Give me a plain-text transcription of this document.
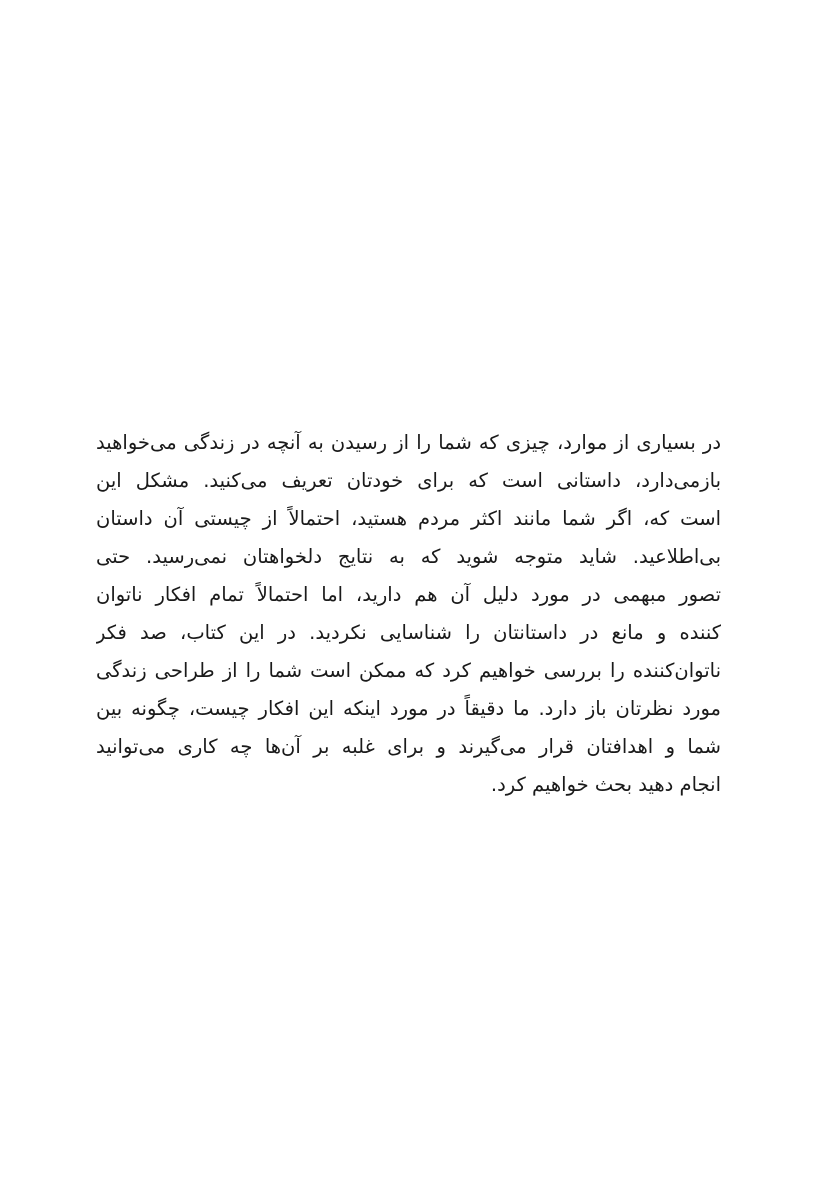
در بسیاری از موارد، چیزی که شما را از رسیدن به آنچه در زندگی می‌خواهید
بازمی‌دارد، داستانی است که برای خودتان تعریف می‌کنید. مشکل این
است که، اگر شما مانند اکثر مردم هستید، احتمالاً از چیستی آن داستان
بی‌اطلاعید. شاید متوجه شوید که به نتایج دلخواهتان نمی‌رسید. حتی
تصور مبهمی در مورد دلیل آن هم دارید، اما احتمالاً تمام افکار ناتوان
کننده و مانع در داستانتان را شناسایی نکردید. در این کتاب، صد فکر
ناتوان‌کننده را بررسی خواهیم کرد که ممکن است شما را از طراحی زندگی
مورد نظرتان باز دارد. ما دقیقاً در مورد اینکه این افکار چیست، چگونه بین
شما و اهدافتان قرار می‌گیرند و برای غلبه بر آن‌ها چه کاری می‌توانید
انجام دهید بحث خواهیم کرد.
